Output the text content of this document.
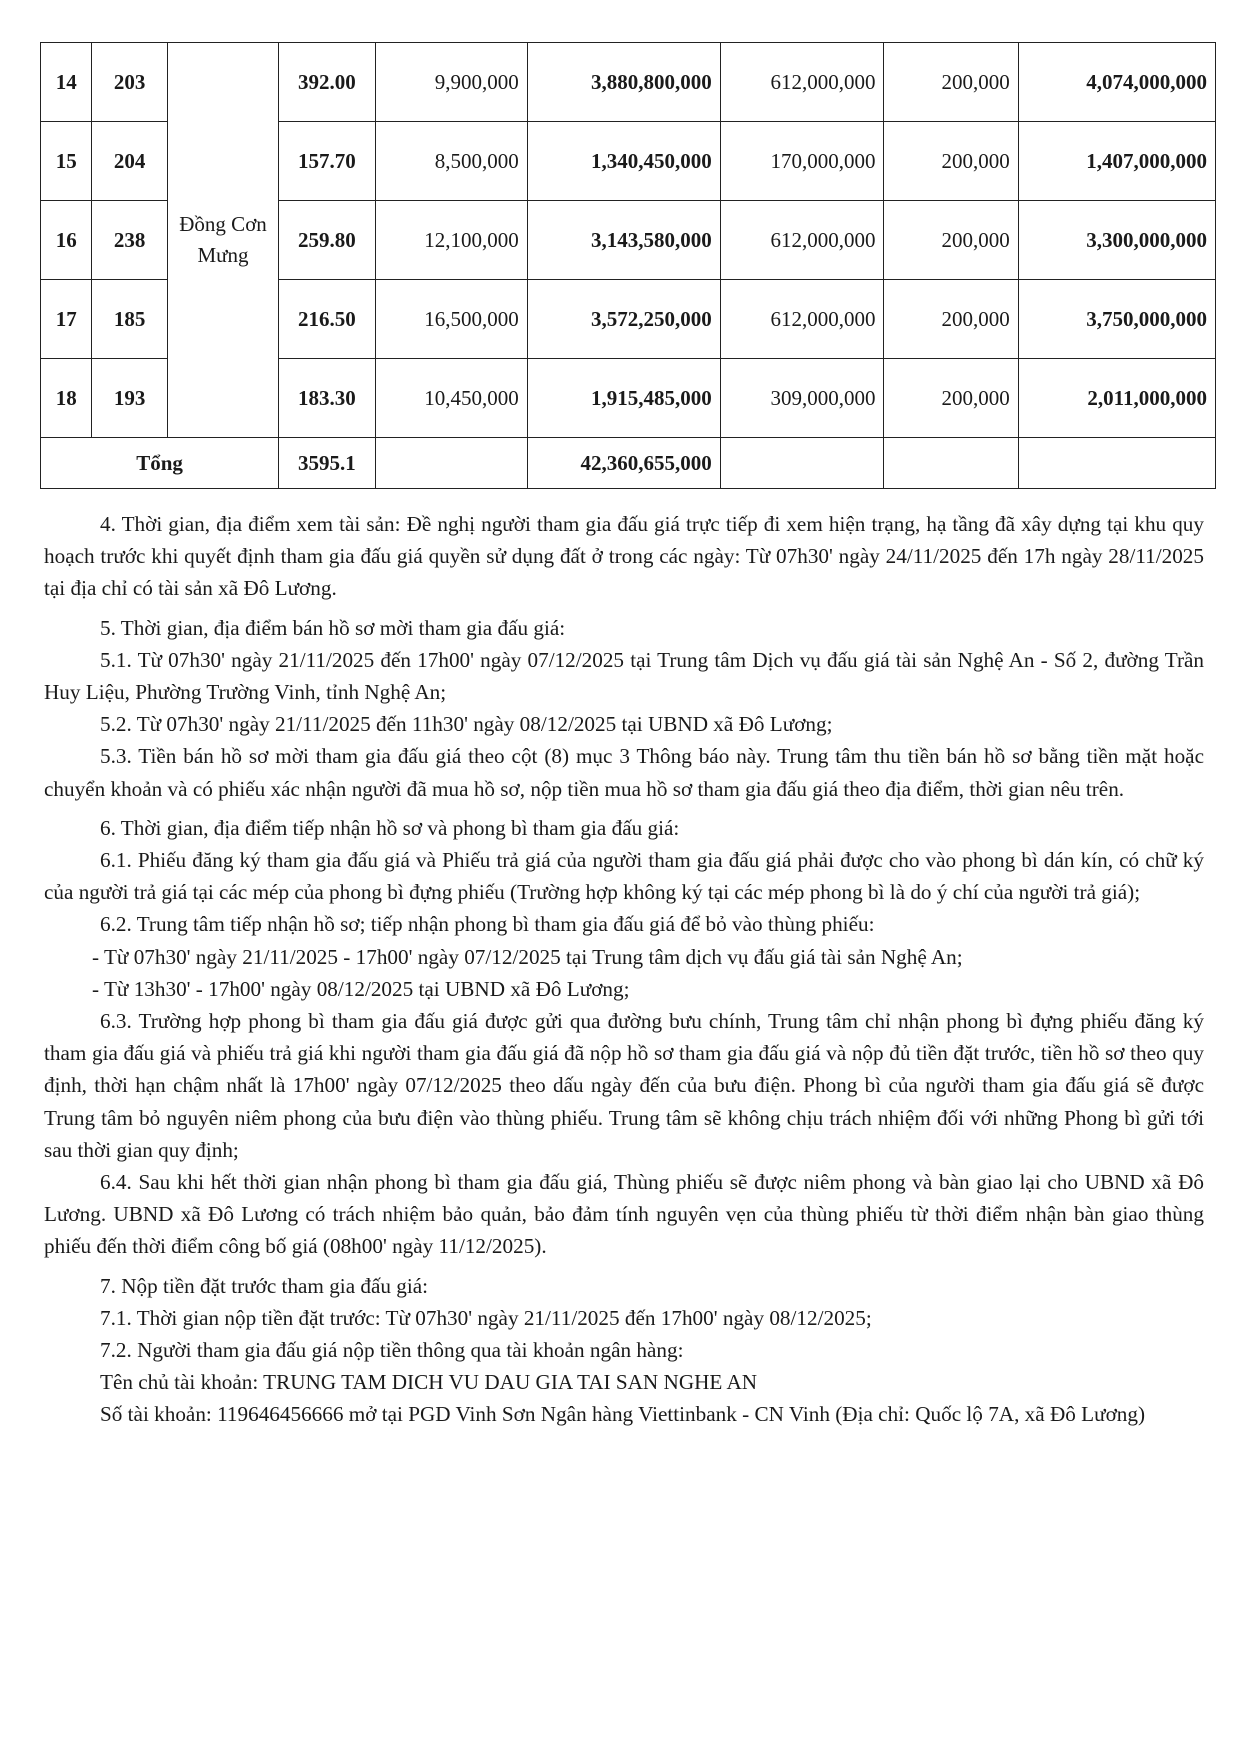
14	203	Đồng Cơn Mưng	392.00	9,900,000	3,880,800,000	612,000,000	200,000	4,074,000,000
15	204		157.70	8,500,000	1,340,450,000	170,000,000	200,000	1,407,000,000
16	238		259.80	12,100,000	3,143,580,000	612,000,000	200,000	3,300,000,000
17	185		216.50	16,500,000	3,572,250,000	612,000,000	200,000	3,750,000,000
18	193		183.30	10,450,000	1,915,485,000	309,000,000	200,000	2,011,000,000
Tổng			3595.1		42,360,655,000			

4. Thời gian, địa điểm xem tài sản: Đề nghị người tham gia đấu giá trực tiếp đi xem hiện trạng, hạ tầng đã xây dựng tại khu quy hoạch trước khi quyết định tham gia đấu giá quyền sử dụng đất ở trong các ngày: Từ 07h30' ngày 24/11/2025 đến 17h ngày 28/11/2025 tại địa chỉ có tài sản xã Đô Lương.

5. Thời gian, địa điểm bán hồ sơ mời tham gia đấu giá:

5.1. Từ 07h30' ngày 21/11/2025 đến 17h00' ngày 07/12/2025 tại Trung tâm Dịch vụ đấu giá tài sản Nghệ An - Số 2, đường Trần Huy Liệu, Phường Trường Vinh, tỉnh Nghệ An;

5.2. Từ 07h30' ngày 21/11/2025 đến 11h30' ngày 08/12/2025 tại UBND xã Đô Lương;

5.3. Tiền bán hồ sơ mời tham gia đấu giá theo cột (8) mục 3 Thông báo này. Trung tâm thu tiền bán hồ sơ bằng tiền mặt hoặc chuyển khoản và có phiếu xác nhận người đã mua hồ sơ, nộp tiền mua hồ sơ tham gia đấu giá theo địa điểm, thời gian nêu trên.

6. Thời gian, địa điểm tiếp nhận hồ sơ và phong bì tham gia đấu giá:

6.1. Phiếu đăng ký tham gia đấu giá và Phiếu trả giá của người tham gia đấu giá phải được cho vào phong bì dán kín, có chữ ký của người trả giá tại các mép của phong bì đựng phiếu (Trường hợp không ký tại các mép phong bì là do ý chí của người trả giá);

6.2. Trung tâm tiếp nhận hồ sơ; tiếp nhận phong bì tham gia đấu giá để bỏ vào thùng phiếu:

- Từ 07h30' ngày 21/11/2025 - 17h00' ngày 07/12/2025 tại Trung tâm dịch vụ đấu giá tài sản Nghệ An;

- Từ 13h30' - 17h00' ngày 08/12/2025 tại UBND xã Đô Lương;

6.3. Trường hợp phong bì tham gia đấu giá được gửi qua đường bưu chính, Trung tâm chỉ nhận phong bì đựng phiếu đăng ký tham gia đấu giá và phiếu trả giá khi người tham gia đấu giá đã nộp hồ sơ tham gia đấu giá và nộp đủ tiền đặt trước, tiền hồ sơ theo quy định, thời hạn chậm nhất là 17h00' ngày 07/12/2025 theo dấu ngày đến của bưu điện. Phong bì của người tham gia đấu giá sẽ được Trung tâm bỏ nguyên niêm phong của bưu điện vào thùng phiếu. Trung tâm sẽ không chịu trách nhiệm đối với những Phong bì gửi tới sau thời gian quy định;

6.4. Sau khi hết thời gian nhận phong bì tham gia đấu giá, Thùng phiếu sẽ được niêm phong và bàn giao lại cho UBND xã Đô Lương. UBND xã Đô Lương có trách nhiệm bảo quản, bảo đảm tính nguyên vẹn của thùng phiếu từ thời điểm nhận bàn giao thùng phiếu đến thời điểm công bố giá (08h00' ngày 11/12/2025).

7. Nộp tiền đặt trước tham gia đấu giá:

7.1. Thời gian nộp tiền đặt trước: Từ 07h30' ngày 21/11/2025 đến 17h00' ngày 08/12/2025;

7.2. Người tham gia đấu giá nộp tiền thông qua tài khoản ngân hàng:

Tên chủ tài khoản: TRUNG TAM DICH VU DAU GIA TAI SAN NGHE AN

Số tài khoản: 119646456666 mở tại PGD Vinh Sơn Ngân hàng Viettinbank - CN Vinh (Địa chỉ: Quốc lộ 7A, xã Đô Lương)
